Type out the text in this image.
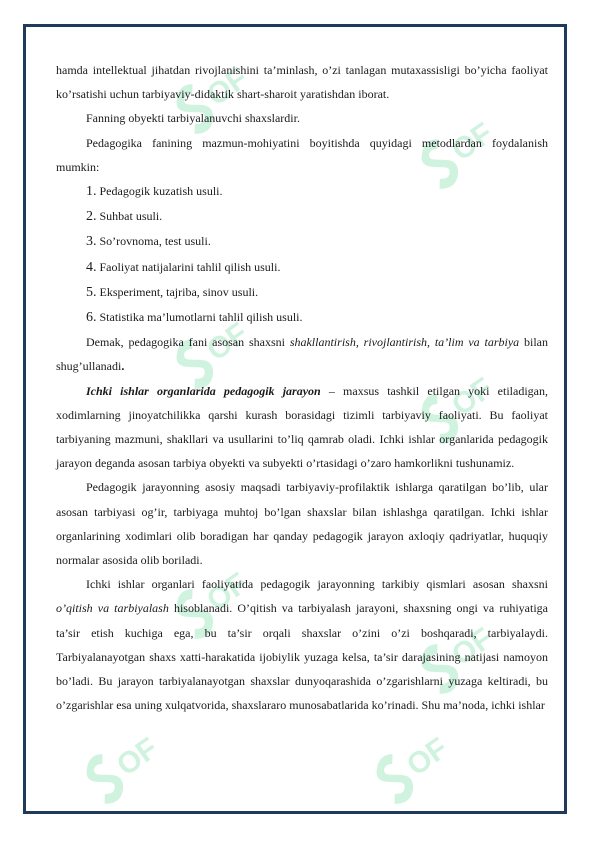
OF
OF
OF
OF
OF
OF
OF	OF

hamda intellektual jihatdan rivojlanishini ta’minlash, o’zi tanlagan mutaxassisligi bo’yicha faoliyat ko’rsatishi uchun tarbiyaviy-didaktik shart-sharoit yaratishdan iborat.

Fanning obyekti tarbiyalanuvchi shaxslardir.

Pedagogika fanining mazmun-mohiyatini boyitishda quyidagi metodlardan foydalanish mumkin:

1. Pedagogik kuzatish usuli.

2. Suhbat usuli.

3. So’rovnoma, test usuli.

4. Faoliyat natijalarini tahlil qilish usuli.

5. Eksperiment, tajriba, sinov usuli.

6. Statistika ma’lumotlarni tahlil qilish usuli.

Demak, pedagogika fani asosan shaxsni shakllantirish, rivojlantirish, ta’lim va tarbiya bilan shug’ullanadi.

Ichki ishlar organlarida pedagogik jarayon – maxsus tashkil etilgan yoki etiladigan, xodimlarning jinoyatchilikka qarshi kurash borasidagi tizimli tarbiyaviy faoliyati. Bu faoliyat tarbiyaning mazmuni, shakllari va usullarini to’liq qamrab oladi. Ichki ishlar organlarida pedagogik jarayon deganda asosan tarbiya obyekti va subyekti o’rtasidagi o’zaro hamkorlikni tushunamiz.

Pedagogik jarayonning asosiy maqsadi tarbiyaviy-profilaktik ishlarga qaratilgan bo’lib, ular asosan tarbiyasi og’ir, tarbiyaga muhtoj bo’lgan shaxslar bilan ishlashga qaratilgan. Ichki ishlar organlarining xodimlari olib boradigan har qanday pedagogik jarayon axloqiy qadriyatlar, huquqiy normalar asosida olib boriladi.

Ichki ishlar organlari faoliyatida pedagogik jarayonning tarkibiy qismlari asosan shaxsni o’qitish va tarbiyalash hisoblanadi. O’qitish va tarbiyalash jarayoni, shaxsning ongi va ruhiyatiga ta’sir etish kuchiga ega, bu ta’sir orqali shaxslar o’zini o’zi boshqaradi, tarbiyalaydi. Tarbiyalanayotgan shaxs xatti-harakatida ijobiylik yuzaga kelsa, ta’sir darajasining natijasi namoyon bo’ladi. Bu jarayon tarbiyalanayotgan shaxslar dunyoqarashida o’zgarishlarni yuzaga keltiradi, bu o’zgarishlar esa uning xulqatvorida, shaxslararo munosabatlarida ko’rinadi. Shu ma’noda, ichki ishlar
